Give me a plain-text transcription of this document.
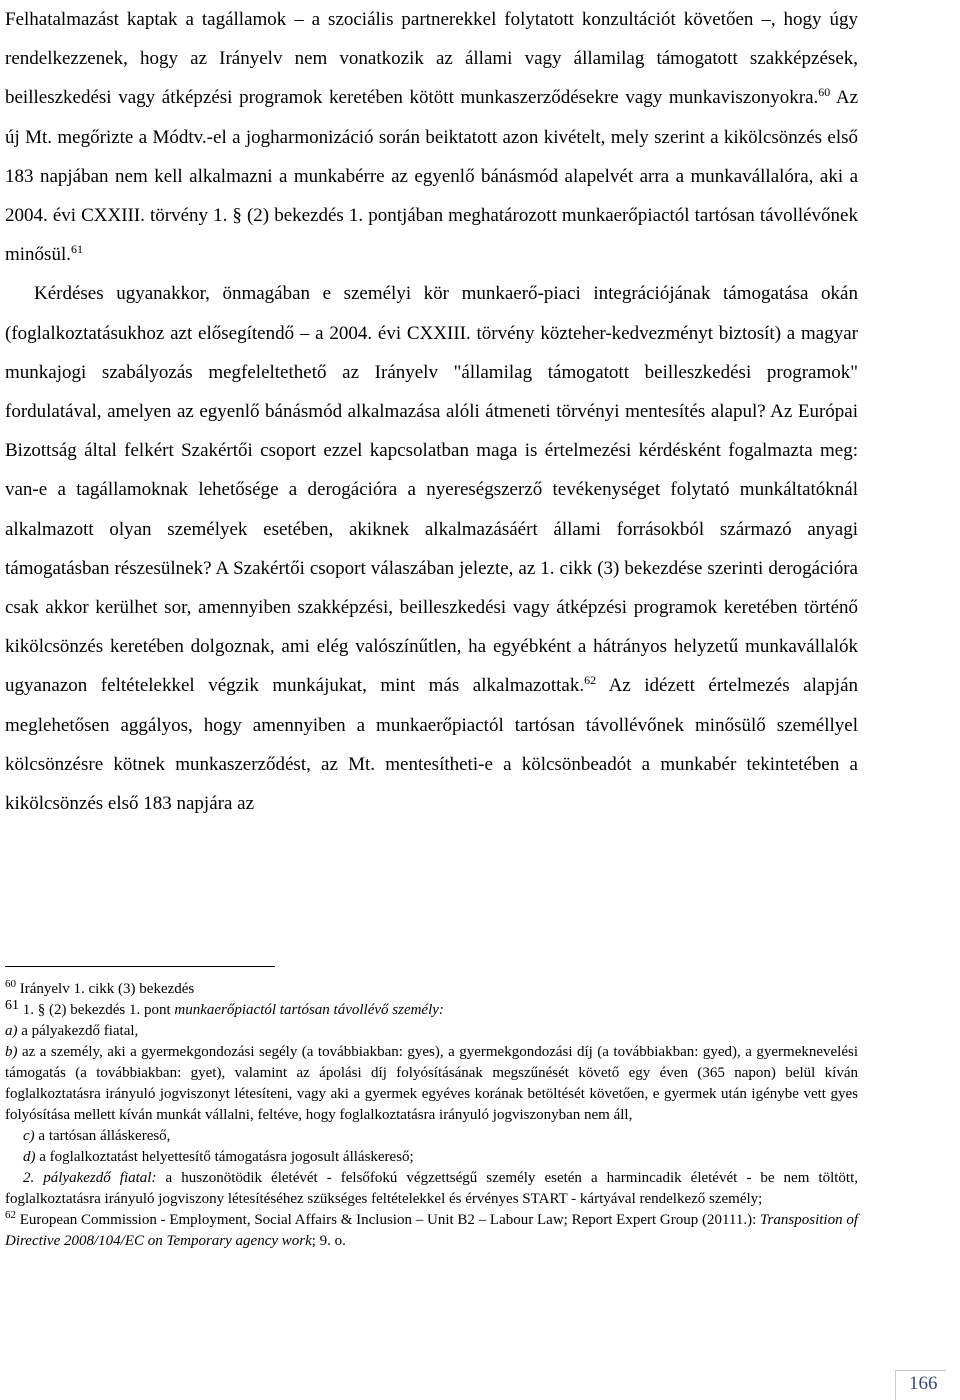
Felhatalmazást kaptak a tagállamok – a szociális partnerekkel folytatott konzultációt követően –, hogy úgy rendelkezzenek, hogy az Irányelv nem vonatkozik az állami vagy államilag támogatott szakképzések, beilleszkedési vagy átképzési programok keretében kötött munkaszerződésekre vagy munkaviszonyokra.$^{60}$ Az új Mt. megőrizte a Módtv.-el a jogharmonizáció során beiktatott azon kivételt, mely szerint a kikölcsönzés első 183 napjában nem kell alkalmazni a munkabérre az egyenlő bánásmód alapelvét arra a munkavállalóra, aki a 2004. évi CXXIII. törvény 1. § (2) bekezdés 1. pontjában meghatározott munkaerőpiactól tartósan távollévőnek minősül.$^{61}$

Kérdéses ugyanakkor, önmagában e személyi kör munkaerő-piaci integrációjának támogatása okán (foglalkoztatásukhoz azt elősegítendő – a 2004. évi CXXIII. törvény közteher-kedvezményt biztosít) a magyar munkajogi szabályozás megfeleltethető az Irányelv "államilag támogatott beilleszkedési programok" fordulatával, amelyen az egyenlő bánásmód alkalmazása alóli átmeneti törvényi mentesítés alapul? Az Európai Bizottság által felkért Szakértői csoport ezzel kapcsolatban maga is értelmezési kérdésként fogalmazta meg: van-e a tagállamoknak lehetősége a derogációra a nyereségszerző tevékenységet folytató munkáltatóknál alkalmazott olyan személyek esetében, akiknek alkalmazásáért állami forrásokból származó anyagi támogatásban részesülnek? A Szakértői csoport válaszában jelezte, az 1. cikk (3) bekezdése szerinti derogációra csak akkor kerülhet sor, amennyiben szakképzési, beilleszkedési vagy átképzési programok keretében történő kikölcsönzés keretében dolgoznak, ami elég valószínűtlen, ha egyébként a hátrányos helyzetű munkavállalók ugyanazon feltételekkel végzik munkájukat, mint más alkalmazottak.$^{62}$ Az idézett értelmezés alapján meglehetősen aggályos, hogy amennyiben a munkaerőpiactól tartósan távollévőnek minősülő személlyel kölcsönzésre kötnek munkaszerződést, az Mt. mentesítheti-e a kölcsönbeadót a munkabér tekintetében a kikölcsönzés első 183 napjára az

$^{60}$ Irányelv 1. cikk (3) bekezdés

$^{61}$ 1. § (2) bekezdés 1. pont munkaerőpiactól tartósan távollévő személy:

a) a pályakezdő fiatal,

b) az a személy, aki a gyermekgondozási segély (a továbbiakban: gyes), a gyermekgondozási díj (a továbbiakban: gyed), a gyermeknevelési támogatás (a továbbiakban: gyet), valamint az ápolási díj folyósításának megszűnését követő egy éven (365 napon) belül kíván foglalkoztatásra irányuló jogviszonyt létesíteni, vagy aki a gyermek egyéves korának betöltését követően, e gyermek után igénybe vett gyes folyósítása mellett kíván munkát vállalni, feltéve, hogy foglalkoztatásra irányuló jogviszonyban nem áll,

c) a tartósan álláskereső,

d) a foglalkoztatást helyettesítő támogatásra jogosult álláskereső;

2. pályakezdő fiatal: a huszonötödik életévét - felsőfokú végzettségű személy esetén a harmincadik életévét - be nem töltött, foglalkoztatásra irányuló jogviszony létesítéséhez szükséges feltételekkel és érvényes START - kártyával rendelkező személy;

$^{62}$ European Commission - Employment, Social Affairs & Inclusion – Unit B2 – Labour Law; Report Expert Group (20111.): Transposition of Directive 2008/104/EC on Temporary agency work; 9. o.

166
